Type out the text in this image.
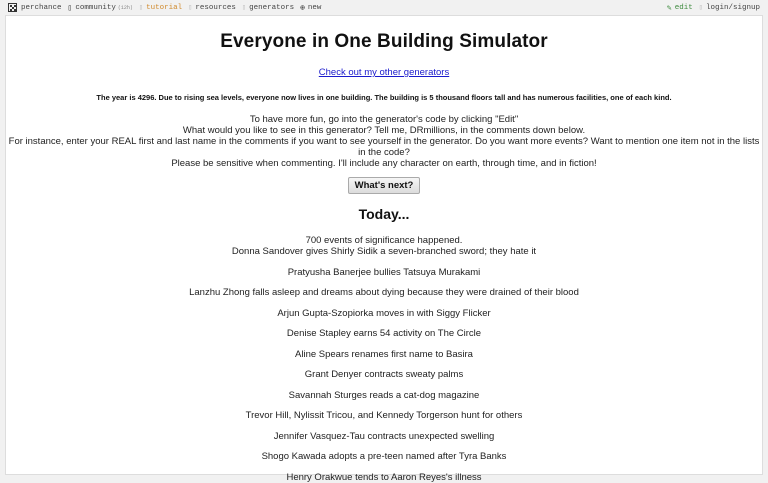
perchance ▯ community (12h) ▯ tutorial ▯ resources ▯ generators ⊕ new	✎ edit ▯ login/signup
Everyone in One Building Simulator
Check out my other generators

The year is 4296. Due to rising sea levels, everyone now lives in one building. The building is 5 thousand floors tall and has numerous facilities, one of each kind.

To have more fun, go into the generator's code by clicking "Edit"
What would you like to see in this generator? Tell me, DRmillions, in the comments down below.
For instance, enter your REAL first and last name in the comments if you want to see yourself in the generator. Do you want more events? Want to mention one item not in the lists in the code?
Please be sensitive when commenting. I'll include any character on earth, through time, and in fiction!
What's next?
Today...
700 events of significance happened.
Donna Sandover gives Shirly Sidik a seven-branched sword; they hate it
Pratyusha Banerjee bullies Tatsuya Murakami
Lanzhu Zhong falls asleep and dreams about dying because they were drained of their blood
Arjun Gupta-Szopiorka moves in with Siggy Flicker
Denise Stapley earns 54 activity on The Circle
Aline Spears renames first name to Basira
Grant Denyer contracts sweaty palms
Savannah Sturges reads a cat-dog magazine
Trevor Hill, Nylissit Tricou, and Kennedy Torgerson hunt for others
Jennifer Vasquez-Tau contracts unexpected swelling
Shogo Kawada adopts a pre-teen named after Tyra Banks
Henry Orakwue tends to Aaron Reyes's illness
